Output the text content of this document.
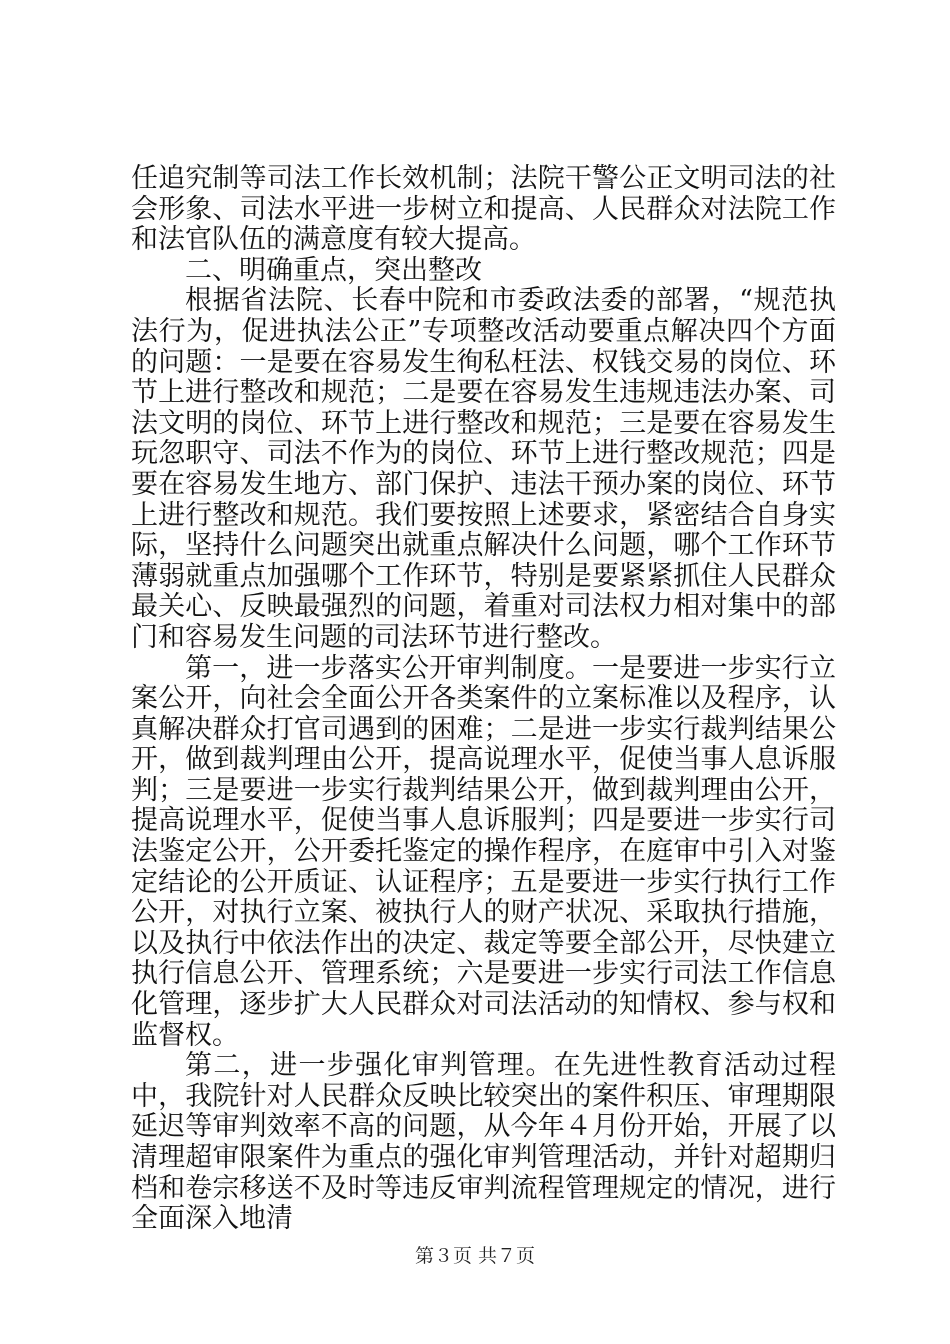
任追究制等司法工作长效机制；法院干警公正文明司法的社会形象、司法水平进一步树立和提高、人民群众对法院工作和法官队伍的满意度有较大提高。

二、明确重点，突出整改

根据省法院、长春中院和市委政法委的部署，“规范执法行为，促进执法公正”专项整改活动要重点解决四个方面的问题：一是要在容易发生徇私枉法、权钱交易的岗位、环节上进行整改和规范；二是要在容易发生违规违法办案、司法文明的岗位、环节上进行整改和规范；三是要在容易发生玩忽职守、司法不作为的岗位、环节上进行整改规范；四是要在容易发生地方、部门保护、违法干预办案的岗位、环节上进行整改和规范。我们要按照上述要求，紧密结合自身实际，坚持什么问题突出就重点解决什么问题，哪个工作环节薄弱就重点加强哪个工作环节，特别是要紧紧抓住人民群众最关心、反映最强烈的问题，着重对司法权力相对集中的部门和容易发生问题的司法环节进行整改。

第一，进一步落实公开审判制度。一是要进一步实行立案公开，向社会全面公开各类案件的立案标准以及程序，认真解决群众打官司遇到的困难；二是进一步实行裁判结果公开，做到裁判理由公开，提高说理水平，促使当事人息诉服判；三是要进一步实行裁判结果公开，做到裁判理由公开，提高说理水平，促使当事人息诉服判；四是要进一步实行司法鉴定公开，公开委托鉴定的操作程序，在庭审中引入对鉴定结论的公开质证、认证程序；五是要进一步实行执行工作公开，对执行立案、被执行人的财产状况、采取执行措施，以及执行中依法作出的决定、裁定等要全部公开，尽快建立执行信息公开、管理系统；六是要进一步实行司法工作信息化管理，逐步扩大人民群众对司法活动的知情权、参与权和监督权。

第二，进一步强化审判管理。在先进性教育活动过程中，我院针对人民群众反映比较突出的案件积压、审理期限延迟等审判效率不高的问题，从今年４月份开始，开展了以清理超审限案件为重点的强化审判管理活动，并针对超期归档和卷宗移送不及时等违反审判流程管理规定的情况，进行全面深入地清

第３页 共７页
